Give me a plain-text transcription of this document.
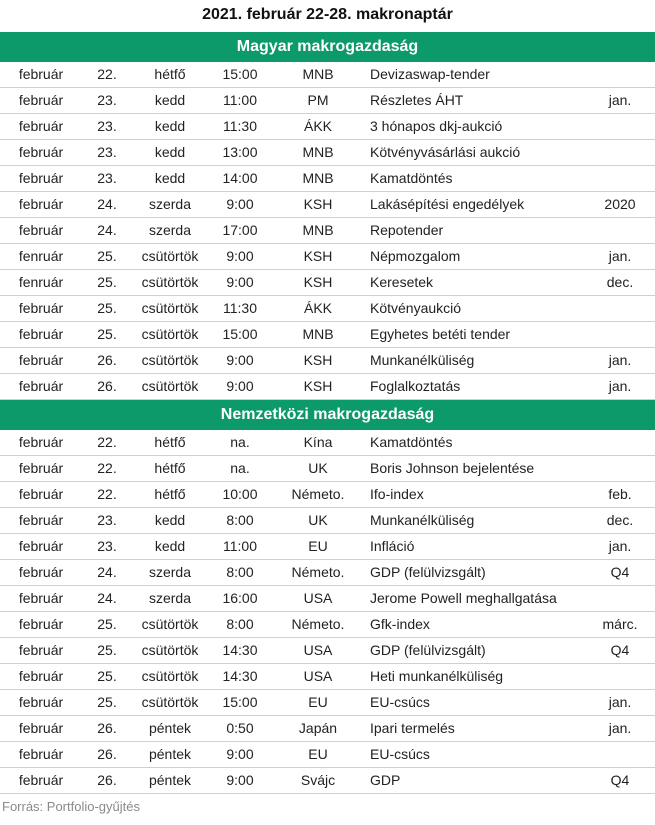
2021. február 22-28. makronaptár
Magyar makrogazdaság
február	22.	hétfő	15:00	MNB	Devizaswap-tender
február	23.	kedd	11:00	PM	Részletes ÁHT	jan.
február	23.	kedd	11:30	ÁKK	3 hónapos dkj-aukció
február	23.	kedd	13:00	MNB	Kötvényvásárlási aukció
február	23.	kedd	14:00	MNB	Kamatdöntés
február	24.	szerda	9:00	KSH	Lakásépítési engedélyek	2020
február	24.	szerda	17:00	MNB	Repotender
fenruár	25.	csütörtök	9:00	KSH	Népmozgalom	jan.
fenruár	25.	csütörtök	9:00	KSH	Keresetek	dec.
február	25.	csütörtök	11:30	ÁKK	Kötvényaukció
február	25.	csütörtök	15:00	MNB	Egyhetes betéti tender
február	26.	csütörtök	9:00	KSH	Munkanélküliség	jan.
február	26.	csütörtök	9:00	KSH	Foglalkoztatás	jan.
Nemzetközi makrogazdaság
február	22.	hétfő	na.	Kína	Kamatdöntés
február	22.	hétfő	na.	UK	Boris Johnson bejelentése
február	22.	hétfő	10:00	Németo.	Ifo-index	feb.
február	23.	kedd	8:00	UK	Munkanélküliség	dec.
február	23.	kedd	11:00	EU	Infláció	jan.
február	24.	szerda	8:00	Németo.	GDP (felülvizsgált)	Q4
február	24.	szerda	16:00	USA	Jerome Powell meghallgatása
február	25.	csütörtök	8:00	Németo.	Gfk-index	márc.
február	25.	csütörtök	14:30	USA	GDP (felülvizsgált)	Q4
február	25.	csütörtök	14:30	USA	Heti munkanélküliség
február	25.	csütörtök	15:00	EU	EU-csúcs	jan.
február	26.	péntek	0:50	Japán	Ipari termelés	jan.
február	26.	péntek	9:00	EU	EU-csúcs
február	26.	péntek	9:00	Svájc	GDP	Q4
Forrás: Portfolio-gyűjtés
